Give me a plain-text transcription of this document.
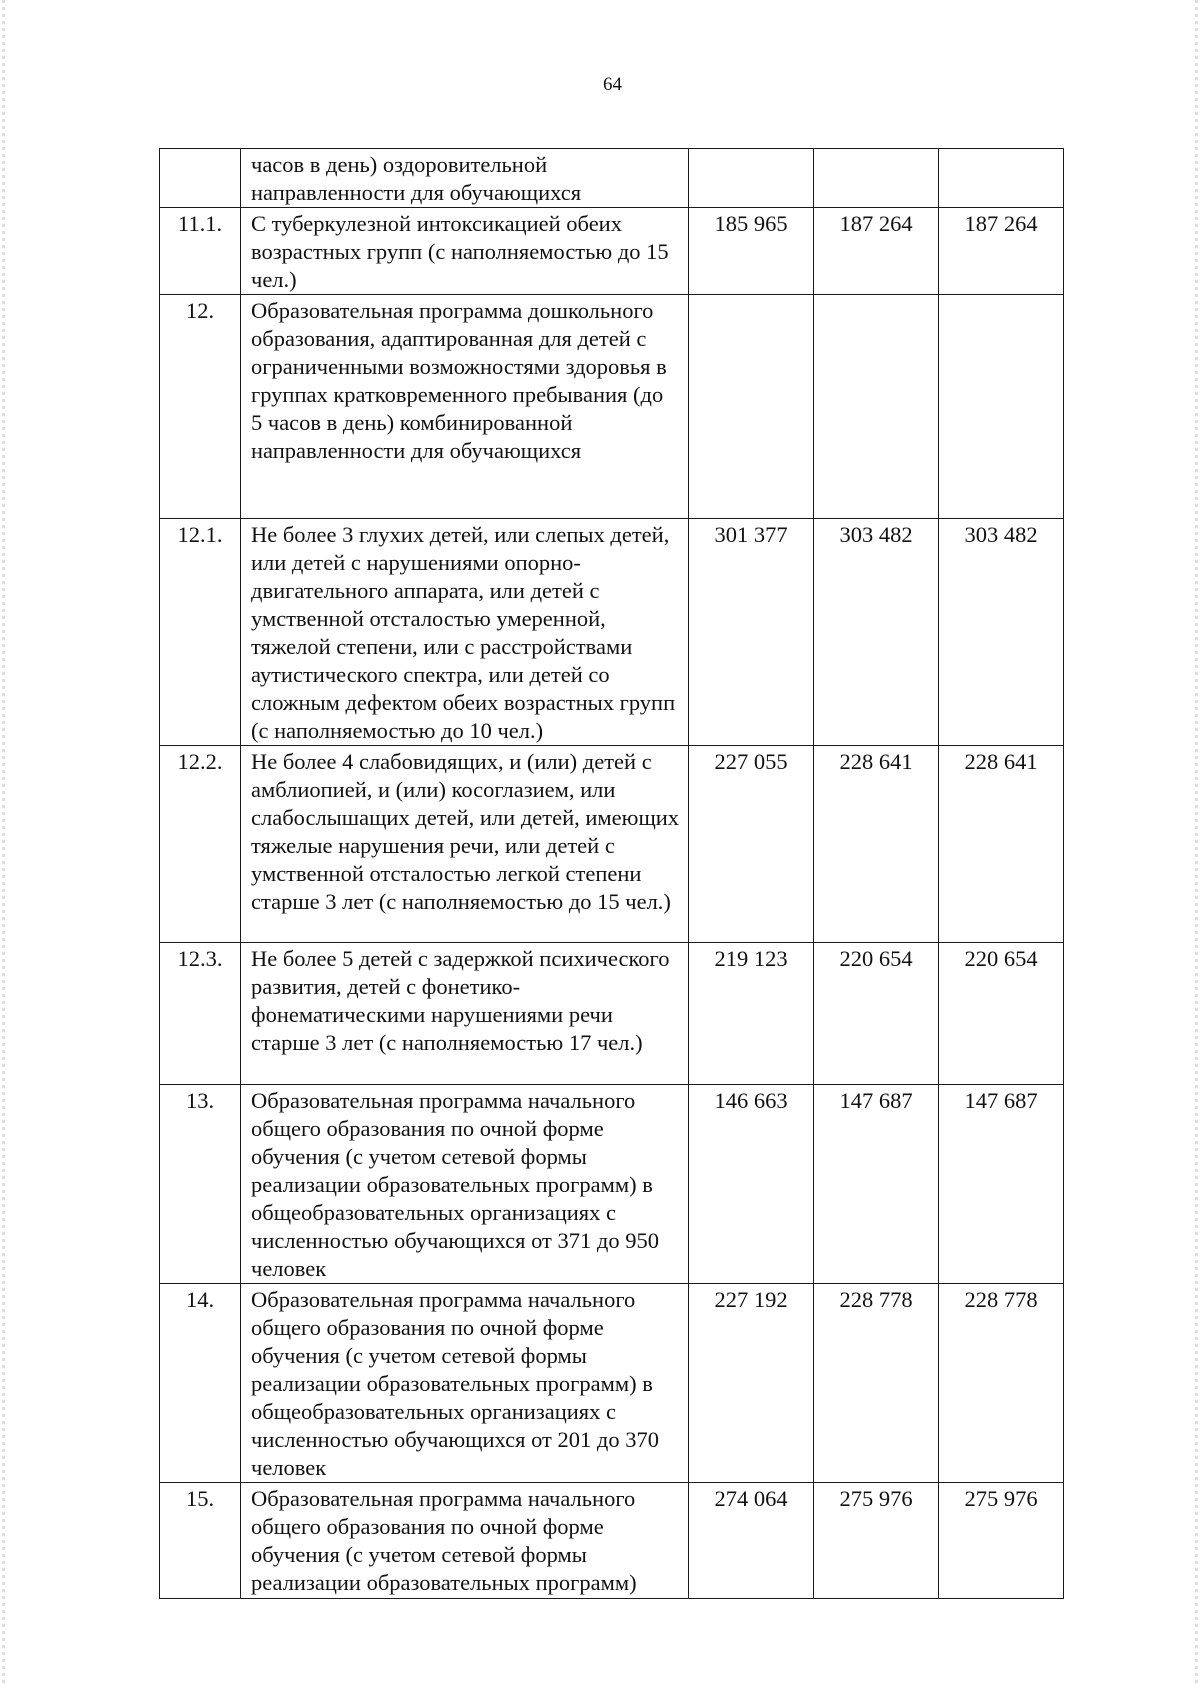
64
	часов в день) оздоровительной направленности для обучающихся			
11.1.	С туберкулезной интоксикацией обеих возрастных групп (с наполняемостью до 15 чел.)	185 965	187 264	187 264
12.	Образовательная программа дошкольного образования, адаптированная для детей с ограниченными возможностями здоровья в группах кратковременного пребывания (до 5 часов в день) комбинированной направленности для обучающихся			
12.1.	Не более 3 глухих детей, или слепых детей, или детей с нарушениями опорно-двигательного аппарата, или детей с умственной отсталостью умеренной, тяжелой степени, или с расстройствами аутистического спектра, или детей со сложным дефектом обеих возрастных групп (с наполняемостью до 10 чел.)	301 377	303 482	303 482
12.2.	Не более 4 слабовидящих, и (или) детей с амблиопией, и (или) косоглазием, или слабослышащих детей, или детей, имеющих тяжелые нарушения речи, или детей с умственной отсталостью легкой степени старше 3 лет (с наполняемостью до 15 чел.)	227 055	228 641	228 641
12.3.	Не более 5 детей с задержкой психического развития, детей с фонетико-фонематическими нарушениями речи старше 3 лет (с наполняемостью 17 чел.)	219 123	220 654	220 654
13.	Образовательная программа начального общего образования по очной форме обучения (с учетом сетевой формы реализации образовательных программ) в общеобразовательных организациях с численностью обучающихся от 371 до 950 человек	146 663	147 687	147 687
14.	Образовательная программа начального общего образования по очной форме обучения (с учетом сетевой формы реализации образовательных программ) в общеобразовательных организациях с численностью обучающихся от 201 до 370 человек	227 192	228 778	228 778
15.	Образовательная программа начального общего образования по очной форме обучения (с учетом сетевой формы реализации образовательных программ)	274 064	275 976	275 976
